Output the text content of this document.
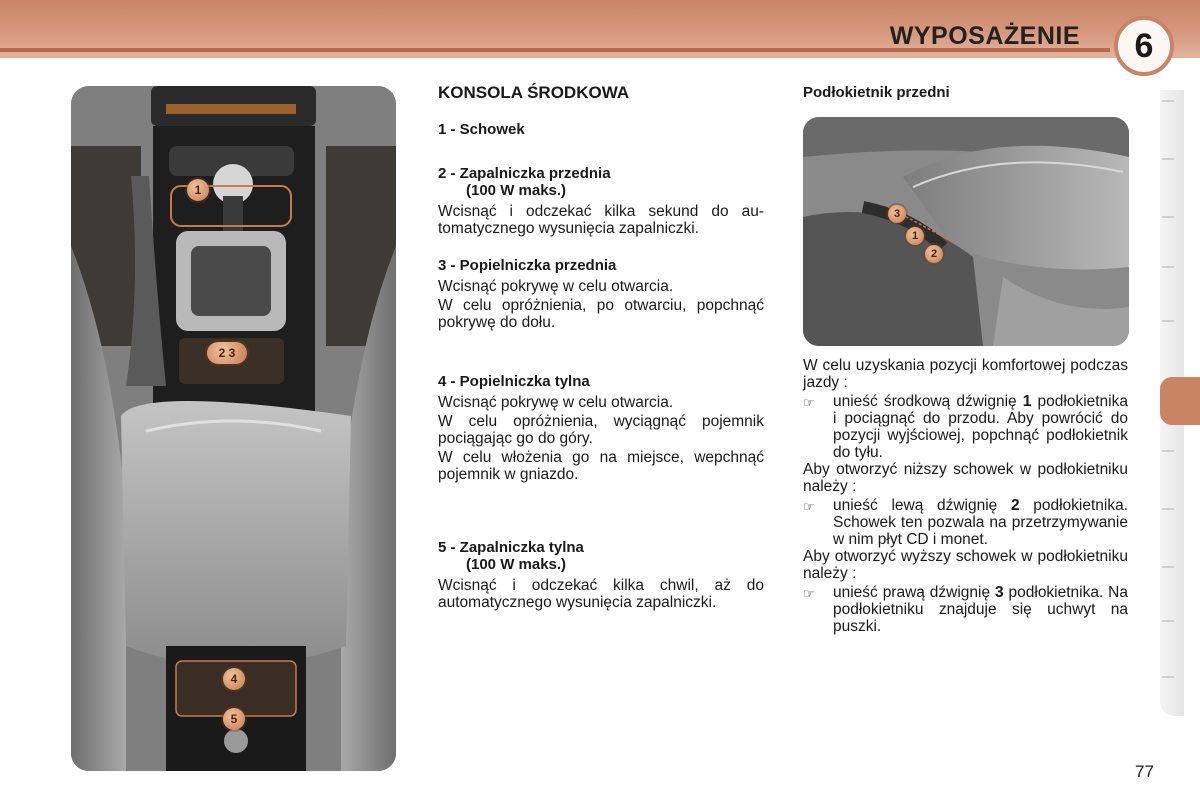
WYPOSAŻENIE	6
1
2 3
4
5
KONSOLA ŚRODKOWA
1 - Schowek
2 - Zapalniczka przednia
(100 W maks.)

Wcisnąć i odczekać kilka sekund do automatycznego wysunięcia zapalniczki.

3 - Popielniczka przednia

Wcisnąć pokrywę w celu otwarcia.

W celu opróżnienia, po otwarciu, popchnąć pokrywę do dołu.

4 - Popielniczka tylna

Wcisnąć pokrywę w celu otwarcia.

W celu opróżnienia, wyciągnąć pojemnik pociągając go do góry.

W celu włożenia go na miejsce, wepchnąć pojemnik w gniazdo.

5 - Zapalniczka tylna
(100 W maks.)

Wcisnąć i odczekać kilka chwil, aż do automatycznego wysunięcia zapalniczki.

Podłokietnik przedni
3
1
2

W celu uzyskania pozycji komfortowej podczas jazdy :

☞	unieść środkową dźwignię 1 podłokietnika i pociągnąć do przodu. Aby powrócić do pozycji wyjściowej, popchnąć podłokietnik do tyłu.

Aby otworzyć niższy schowek w podłokietniku należy :

☞	unieść lewą dźwignię 2 podłokietnika. Schowek ten pozwala na przetrzymywanie w nim płyt CD i monet.

Aby otworzyć wyższy schowek w podłokietniku należy :

☞	unieść prawą dźwignię 3 podłokietnika. Na podłokietniku znajduje się uchwyt na puszki.
77
